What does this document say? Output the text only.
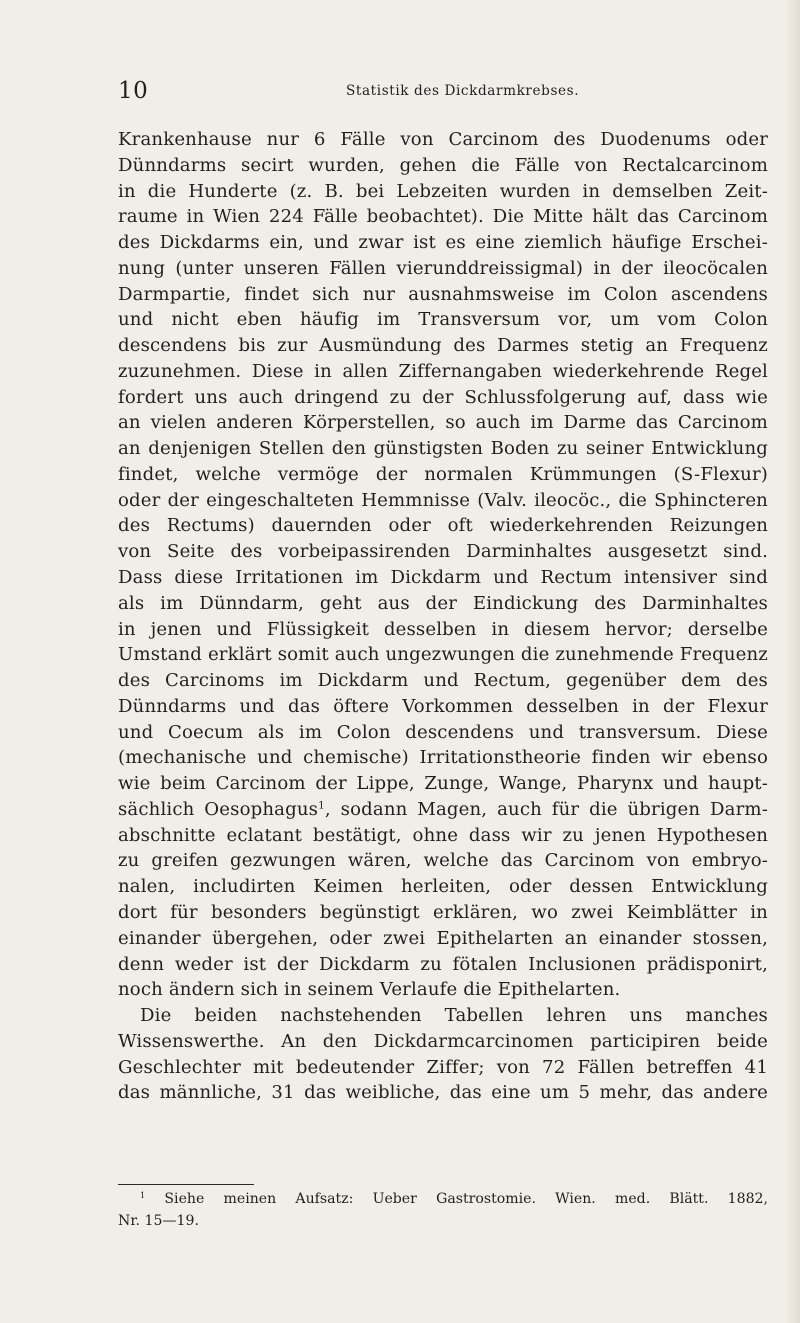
10	Statistik des Dickdarmkrebses.
Krankenhause nur 6 Fälle von Carcinom des Duodenums oder
Dünndarms secirt wurden, gehen die Fälle von Rectalcarcinom
in die Hunderte (z. B. bei Lebzeiten wurden in demselben Zeit-
raume in Wien 224 Fälle beobachtet). Die Mitte hält das Carcinom
des Dickdarms ein, und zwar ist es eine ziemlich häufige Erschei-
nung (unter unseren Fällen vierunddreissigmal) in der ileocöcalen
Darmpartie, findet sich nur ausnahmsweise im Colon ascendens
und nicht eben häufig im Transversum vor, um vom Colon
descendens bis zur Ausmündung des Darmes stetig an Frequenz
zuzunehmen. Diese in allen Ziffernangaben wiederkehrende Regel
fordert uns auch dringend zu der Schlussfolgerung auf, dass wie
an vielen anderen Körperstellen, so auch im Darme das Carcinom
an denjenigen Stellen den günstigsten Boden zu seiner Entwicklung
findet, welche vermöge der normalen Krümmungen (S-Flexur)
oder der eingeschalteten Hemmnisse (Valv. ileocöc., die Sphincteren
des Rectums) dauernden oder oft wiederkehrenden Reizungen
von Seite des vorbeipassirenden Darminhaltes ausgesetzt sind.
Dass diese Irritationen im Dickdarm und Rectum intensiver sind
als im Dünndarm, geht aus der Eindickung des Darminhaltes
in jenen und Flüssigkeit desselben in diesem hervor; derselbe
Umstand erklärt somit auch ungezwungen die zunehmende Frequenz
des Carcinoms im Dickdarm und Rectum, gegenüber dem des
Dünndarms und das öftere Vorkommen desselben in der Flexur
und Coecum als im Colon descendens und transversum. Diese
(mechanische und chemische) Irritationstheorie finden wir ebenso
wie beim Carcinom der Lippe, Zunge, Wange, Pharynx und haupt-
sächlich Oesophagus$^1$, sodann Magen, auch für die übrigen Darm-
abschnitte eclatant bestätigt, ohne dass wir zu jenen Hypothesen
zu greifen gezwungen wären, welche das Carcinom von embryo-
nalen, includirten Keimen herleiten, oder dessen Entwicklung
dort für besonders begünstigt erklären, wo zwei Keimblätter in
einander übergehen, oder zwei Epithelarten an einander stossen,
denn weder ist der Dickdarm zu fötalen Inclusionen prädisponirt,
noch ändern sich in seinem Verlaufe die Epithelarten.
Die beiden nachstehenden Tabellen lehren uns manches
Wissenswerthe. An den Dickdarmcarcinomen participiren beide
Geschlechter mit bedeutender Ziffer; von 72 Fällen betreffen 41
das männliche, 31 das weibliche, das eine um 5 mehr, das andere
$^1$ Siehe meinen Aufsatz: Ueber Gastrostomie. Wien. med. Blätt. 1882,
Nr. 15—19.
